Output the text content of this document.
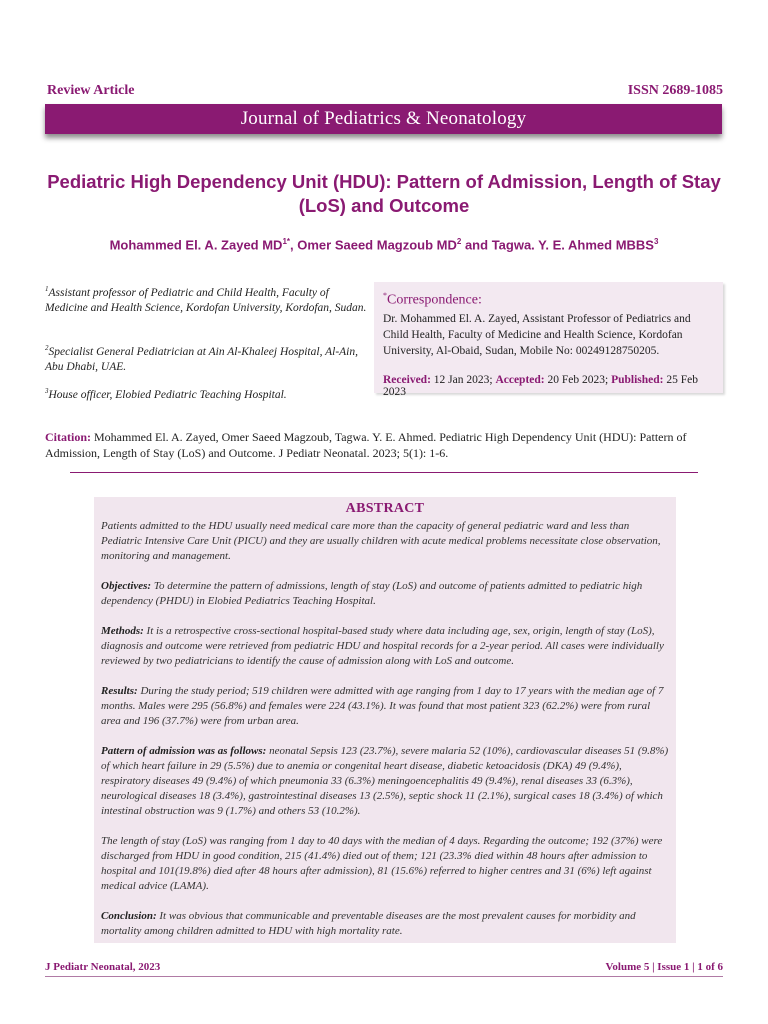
Review Article	ISSN 2689-1085
Journal of Pediatrics & Neonatology
Pediatric High Dependency Unit (HDU): Pattern of Admission, Length of Stay (LoS) and Outcome
Mohammed El. A. Zayed $MD^{1*}$, Omer Saeed Magzoub $MD^2$ and Tagwa. Y. E. Ahmed MBBS$^3$
$^1$Assistant professor of Pediatric and Child Health, Faculty of Medicine and Health Science, Kordofan University, Kordofan, Sudan.
$^2$Specialist General Pediatrician at Ain Al-Khaleej Hospital, Al-Ain, Abu Dhabi, UAE.
$^3$House officer, Elobied Pediatric Teaching Hospital.
*Correspondence:
Dr. Mohammed El. A. Zayed, Assistant Professor of Pediatrics and Child Health, Faculty of Medicine and Health Science, Kordofan University, Al-Obaid, Sudan, Mobile No: 00249128750205.
Received: 12 Jan 2023; Accepted: 20 Feb 2023; Published: 25 Feb 2023
Citation: Mohammed El. A. Zayed, Omer Saeed Magzoub, Tagwa. Y. E. Ahmed. Pediatric High Dependency Unit (HDU): Pattern of Admission, Length of Stay (LoS) and Outcome. J Pediatr Neonatal. 2023; 5(1): 1-6.
ABSTRACT

Patients admitted to the HDU usually need medical care more than the capacity of general pediatric ward and less than Pediatric Intensive Care Unit (PICU) and they are usually children with acute medical problems necessitate close observation, monitoring and management.

Objectives: To determine the pattern of admissions, length of stay (LoS) and outcome of patients admitted to pediatric high dependency (PHDU) in Elobied Pediatrics Teaching Hospital.

Methods: It is a retrospective cross-sectional hospital-based study where data including age, sex, origin, length of stay (LoS), diagnosis and outcome were retrieved from pediatric HDU and hospital records for a 2-year period. All cases were individually reviewed by two pediatricians to identify the cause of admission along with LoS and outcome.

Results: During the study period; 519 children were admitted with age ranging from 1 day to 17 years with the median age of 7 months. Males were 295 (56.8%) and females were 224 (43.1%). It was found that most patient 323 (62.2%) were from rural area and 196 (37.7%) were from urban area.

Pattern of admission was as follows: neonatal Sepsis 123 (23.7%), severe malaria 52 (10%), cardiovascular diseases 51 (9.8%) of which heart failure in 29 (5.5%) due to anemia or congenital heart disease, diabetic ketoacidosis (DKA) 49 (9.4%), respiratory diseases 49 (9.4%) of which pneumonia 33 (6.3%) meningoencephalitis 49 (9.4%), renal diseases 33 (6.3%), neurological diseases 18 (3.4%), gastrointestinal diseases 13 (2.5%), septic shock 11 (2.1%), surgical cases 18 (3.4%) of which intestinal obstruction was 9 (1.7%) and others 53 (10.2%).

The length of stay (LoS) was ranging from 1 day to 40 days with the median of 4 days. Regarding the outcome; 192 (37%) were discharged from HDU in good condition, 215 (41.4%) died out of them; 121 (23.3% died within 48 hours after admission to hospital and 101(19.8%) died after 48 hours after admission), 81 (15.6%) referred to higher centres and 31 (6%) left against medical advice (LAMA).

Conclusion: It was obvious that communicable and preventable diseases are the most prevalent causes for morbidity and mortality among children admitted to HDU with high mortality rate.

J Pediatr Neonatal, 2023	Volume 5 | Issue 1 | 1 of 6
